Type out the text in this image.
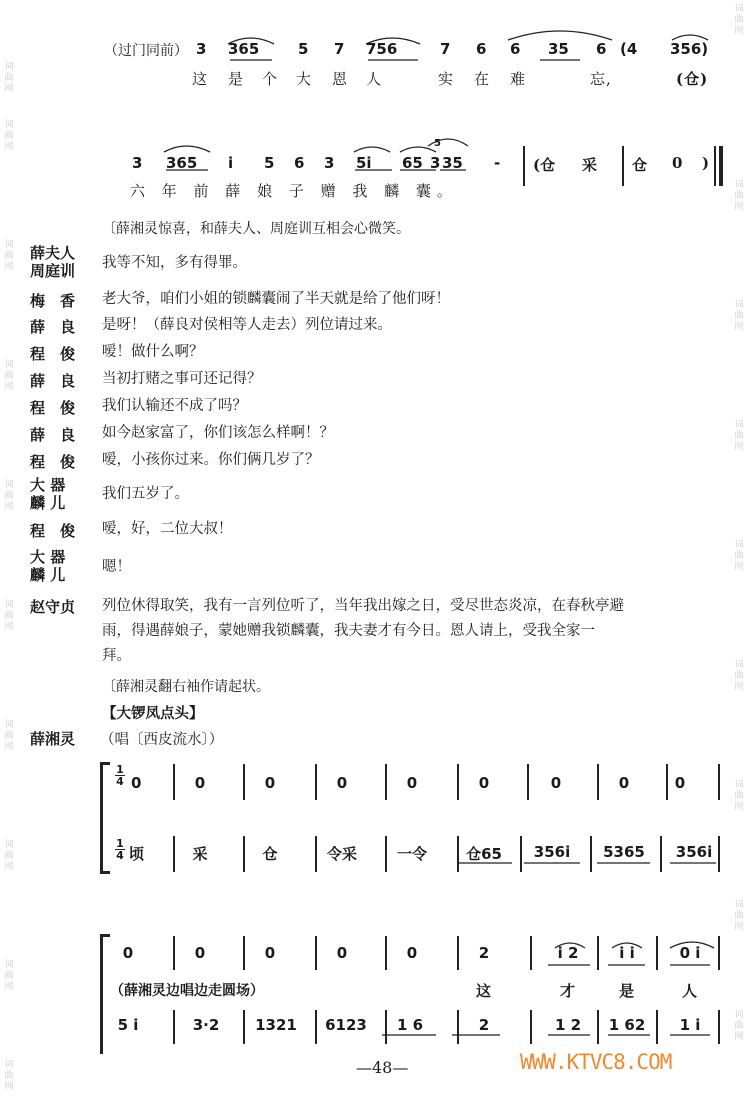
词曲网
词曲网
词曲网
词曲网
词曲网
词曲网
词曲网
词曲网
词曲网
词曲网
词曲网
词曲网
词曲网
词曲网
词曲网
词曲网
词曲网
词曲网
词曲网
（过门同前） 3 365	5 7 756	7 6 6 35 6 (4 356)
这 是 个 大 恩 人	实 在 难	忘,	(仓)
3 365 i 5 6 3 5i 65 3 35 -
5
(仓 采 仓 0 )
六 年 前 薛 娘 子 赠 我 麟 囊。
〔薛湘灵惊喜，和薛夫人、周庭训互相会心微笑。
薛夫人
周庭训	我等不知，多有得罪。
梅　香	老大爷，咱们小姐的锁麟囊闹了半天就是给了他们呀！
薛　良	是呀！（薛良对侯相等人走去）列位请过来。
程　俊	嗳！做什么啊？
薛　良	当初打赌之事可还记得？
程　俊	我们认输还不成了吗？
薛　良	如今赵家富了，你们该怎么样啊！？
程　俊	嗳，小孩你过来。你们俩几岁了？
大 器
麟 儿	我们五岁了。
程　俊	嗳，好，二位大叔！
大 器
麟 儿	嗯！
赵守贞	列位休得取笑，我有一言列位听了，当年我出嫁之日，受尽世态炎凉，在春秋亭避
雨，得遇薛娘子，蒙她赠我锁麟囊，我夫妻才有今日。恩人请上，受我全家一
拜。
〔薛湘灵翻右袖作请起状。
【大锣凤点头】
薛湘灵 （唱〔西皮流水〕）
$\frac{1}{4}$
$\frac{1}{4}$
0	0	0	0	0	0	0	0	0
顷	采	仓	令采	一令	仓65	356i	5365	356i
0	0	0	0	0	2	i 2	i i	0 i
（薛湘灵边唱边走圆场）	这	才	是	人
5 i	3·2	1321	6123	1 6	2	1 2	1 62	1 i
—48—	WWW.KTVC8.COM
